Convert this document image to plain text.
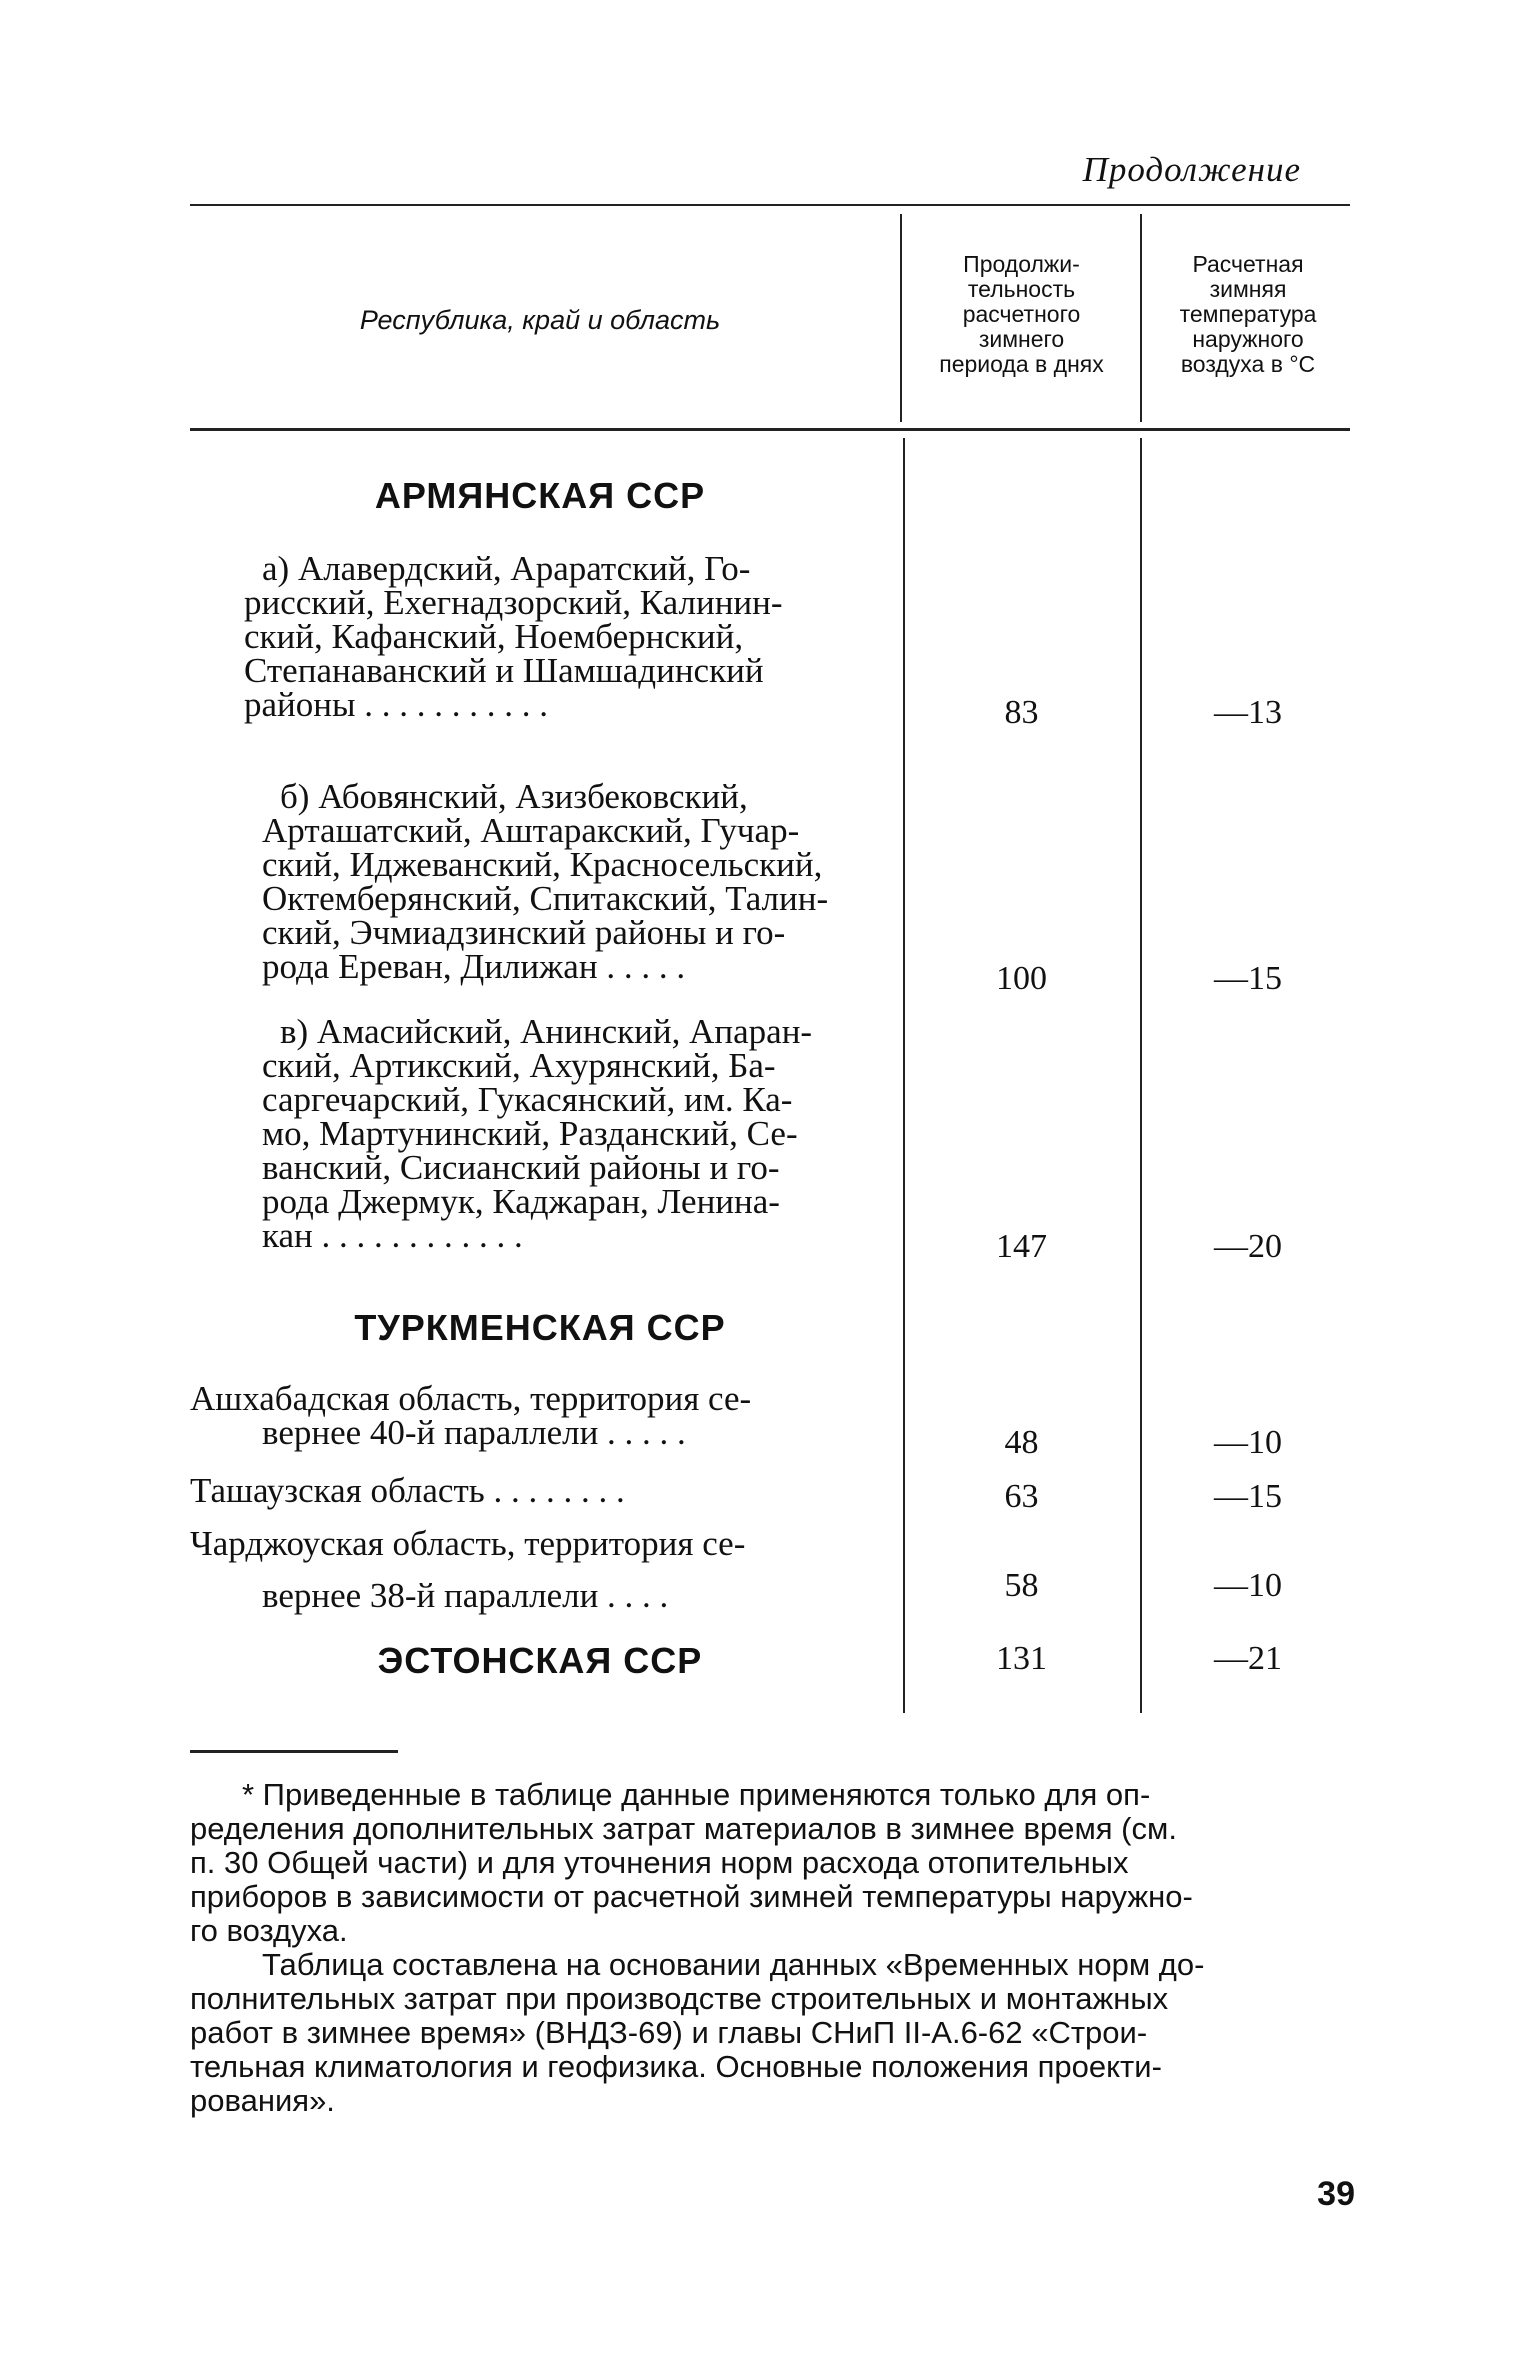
Продолжение
Республика, край и область
Продолжи-
тельность
расчетного
зимнего
периода в днях
Расчетная
зимняя
температура
наружного
воздуха в °С
АРМЯНСКАЯ ССР
а) Алавердский, Араратский, Го-
рисский, Ехегнадзорский, Калинин-
ский, Кафанский, Ноембернский,
Степанаванский и Шамшадинский
районы . . . . . . . . . . .	83	—13
б) Абовянский, Азизбековский,
Арташатский, Аштаракский, Гучар-
ский, Иджеванский, Красносельский,
Октемберянский, Спитакский, Талин-
ский, Эчмиадзинский районы и го-
рода Ереван, Дилижан . . . . .	100	—15
в) Амасийский, Анинский, Апаран-
ский, Артикский, Ахурянский, Ба-
саргечарский, Гукасянский, им. Ка-
мо, Мартунинский, Разданский, Се-
ванский, Сисианский районы и го-
рода Джермук, Каджаран, Ленина-
кан . . . . . . . . . . . .	147	—20
ТУРКМЕНСКАЯ ССР
Ашхабадская область, территория се-
вернее 40-й параллели . . . . .	48	—10
Ташаузская область . . . . . . . .	63	—15
Чарджоуская область, территория се-
вернее 38-й параллели . . . .	58	—10
ЭСТОНСКАЯ ССР	131	—21
* Приведенные в таблице данные применяются только для оп-
ределения дополнительных затрат материалов в зимнее время (см.
п. 30 Общей части) и для уточнения норм расхода отопительных
приборов в зависимости от расчетной зимней температуры наружно-
го воздуха.
Таблица составлена на основании данных «Временных норм до-
полнительных затрат при производстве строительных и монтажных
работ в зимнее время» (ВНДЗ-69) и главы СНиП II-А.6-62 «Строи-
тельная климатология и геофизика. Основные положения проекти-
рования».
39
